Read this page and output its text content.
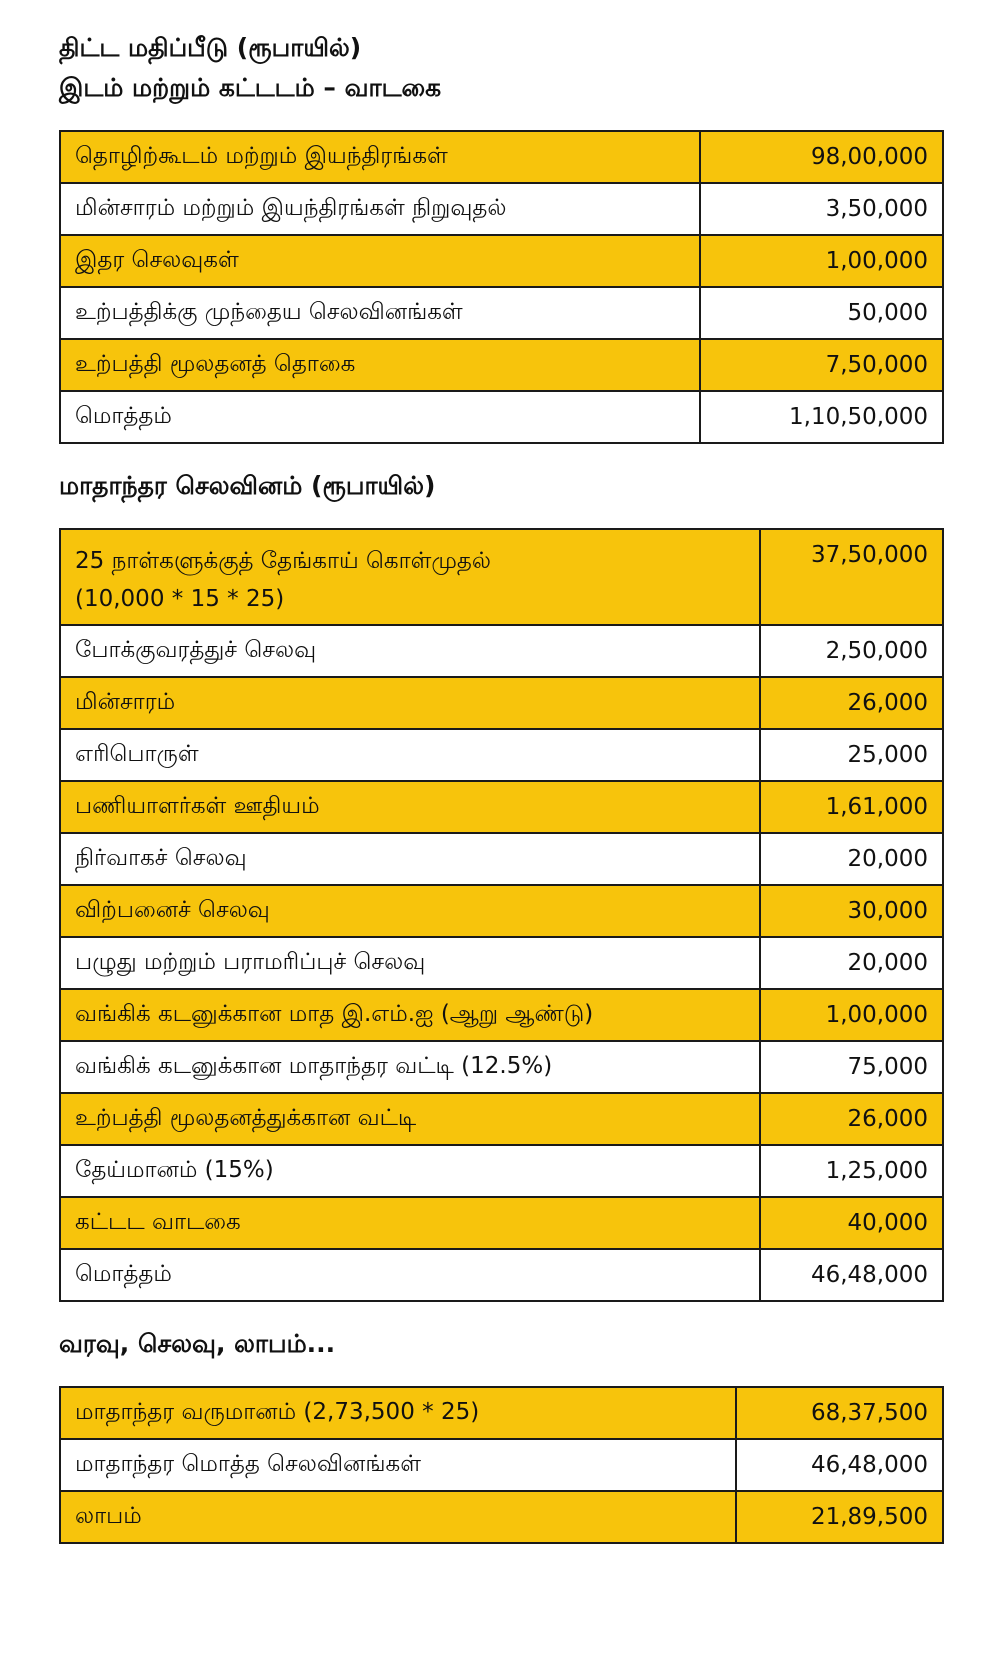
திட்ட மதிப்பீடு (ரூபாயில்)

இடம் மற்றும் கட்டடம் – வாடகை

தொழிற்கூடம் மற்றும் இயந்திரங்கள்	98,00,000
மின்சாரம் மற்றும் இயந்திரங்கள் நிறுவுதல்	3,50,000
இதர செலவுகள்	1,00,000
உற்பத்திக்கு முந்தைய செலவினங்கள்	50,000
உற்பத்தி மூலதனத் தொகை	7,50,000
மொத்தம்	1,10,50,000

மாதாந்தர செலவினம் (ரூபாயில்)

25 நாள்களுக்குத் தேங்காய் கொள்முதல்
(10,000 * 15 * 25)	37,50,000
போக்குவரத்துச் செலவு	2,50,000
மின்சாரம்	26,000
எரிபொருள்	25,000
பணியாளர்கள் ஊதியம்	1,61,000
நிர்வாகச் செலவு	20,000
விற்பனைச் செலவு	30,000
பழுது மற்றும் பராமரிப்புச் செலவு	20,000
வங்கிக் கடனுக்கான மாத இ.எம்.ஐ (ஆறு ஆண்டு)	1,00,000
வங்கிக் கடனுக்கான மாதாந்தர வட்டி (12.5%)	75,000
உற்பத்தி மூலதனத்துக்கான வட்டி	26,000
தேய்மானம் (15%)	1,25,000
கட்டட வாடகை	40,000
மொத்தம்	46,48,000

வரவு, செலவு, லாபம்...

மாதாந்தர வருமானம் (2,73,500 * 25)	68,37,500
மாதாந்தர மொத்த செலவினங்கள்	46,48,000
லாபம்	21,89,500
